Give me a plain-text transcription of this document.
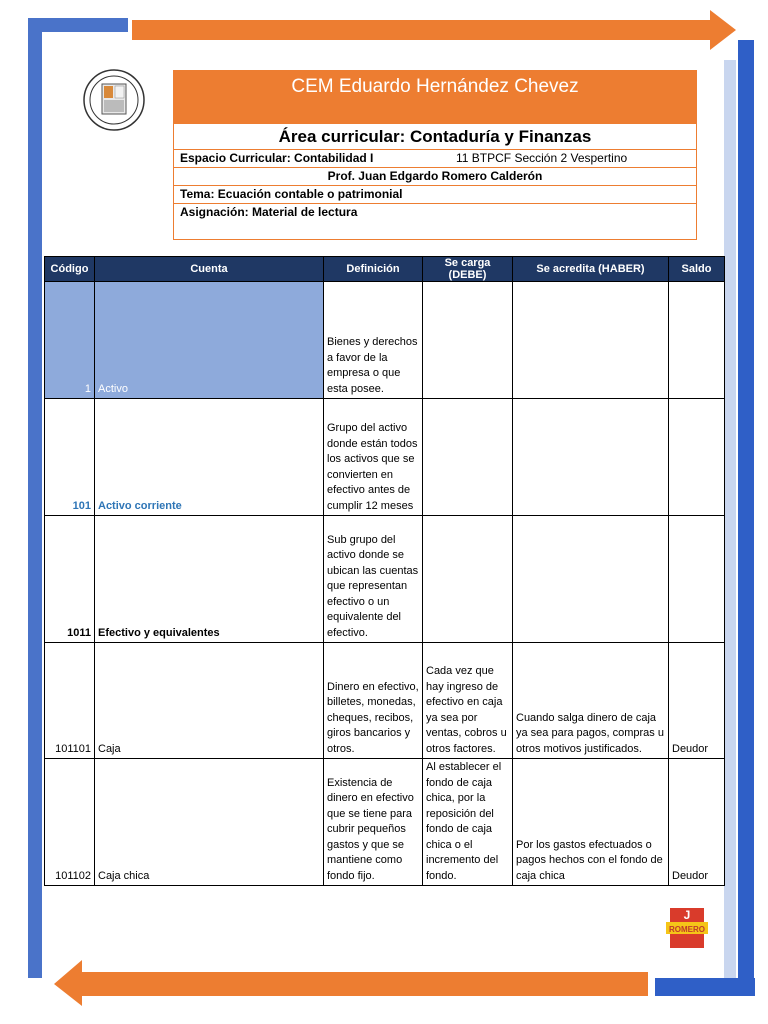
ROMERO
J
CEM Eduardo Hernández Chevez
Área curricular: Contaduría y Finanzas
Espacio Curricular: Contabilidad I	11 BTPCF Sección 2 Vespertino
Prof. Juan Edgardo Romero Calderón
Tema: Ecuación contable o patrimonial
Asignación: Material de lectura
Código	Cuenta	Definición	Se carga (DEBE)	Se acredita (HABER)	Saldo
1	Activo	Bienes y derechos a favor de la empresa o que esta posee.			
101	Activo corriente	Grupo del activo donde están todos los activos que se convierten en efectivo antes de cumplir 12 meses			
1011	Efectivo y equivalentes	Sub grupo del activo donde se ubican las cuentas que representan efectivo o un equivalente del efectivo.			
101101	Caja	Dinero en efectivo, billetes, monedas, cheques, recibos, giros bancarios y otros.	Cada vez que hay ingreso de efectivo en caja ya sea por ventas, cobros u otros factores.	Cuando salga dinero de caja ya sea para pagos, compras u otros motivos justificados.	Deudor
101102	Caja chica	Existencia de dinero en efectivo que se tiene para cubrir pequeños gastos y que se mantiene como fondo fijo.	Al establecer el fondo de caja chica, por la reposición del fondo de caja chica o el incremento del fondo.	Por los gastos efectuados o pagos hechos con el fondo de caja chica	Deudor
